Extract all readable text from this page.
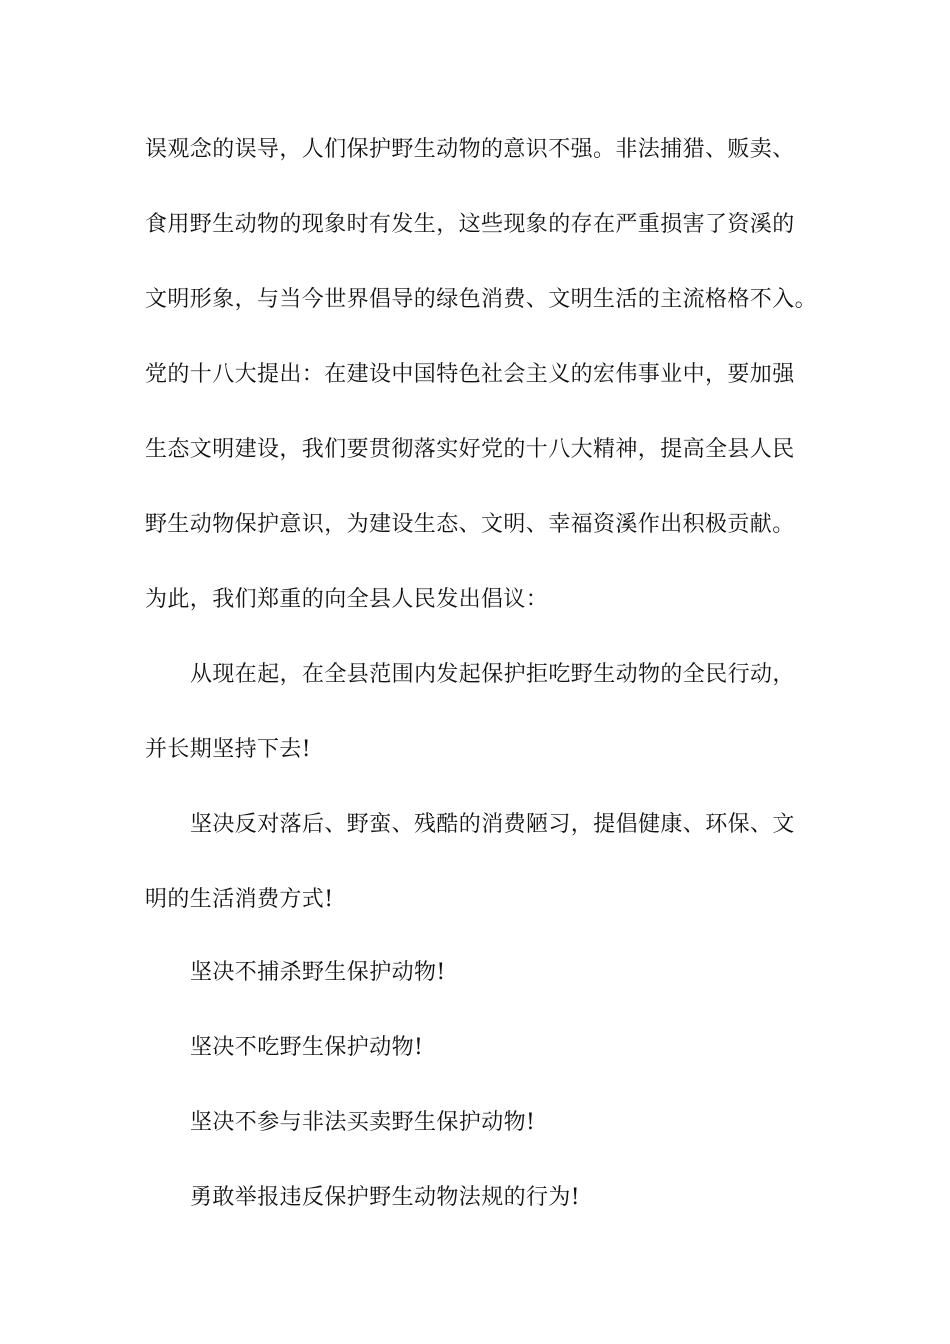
误观念的误导，人们保护野生动物的意识不强。非法捕猎、贩卖、
食用野生动物的现象时有发生，这些现象的存在严重损害了资溪的
文明形象，与当今世界倡导的绿色消费、文明生活的主流格格不入。
党的十八大提出：在建设中国特色社会主义的宏伟事业中，要加强
生态文明建设，我们要贯彻落实好党的十八大精神，提高全县人民
野生动物保护意识，为建设生态、文明、幸福资溪作出积极贡献。
为此，我们郑重的向全县人民发出倡议：
从现在起，在全县范围内发起保护拒吃野生动物的全民行动，
并长期坚持下去!
坚决反对落后、野蛮、残酷的消费陋习，提倡健康、环保、文
明的生活消费方式!
坚决不捕杀野生保护动物!
坚决不吃野生保护动物!
坚决不参与非法买卖野生保护动物!
勇敢举报违反保护野生动物法规的行为!
